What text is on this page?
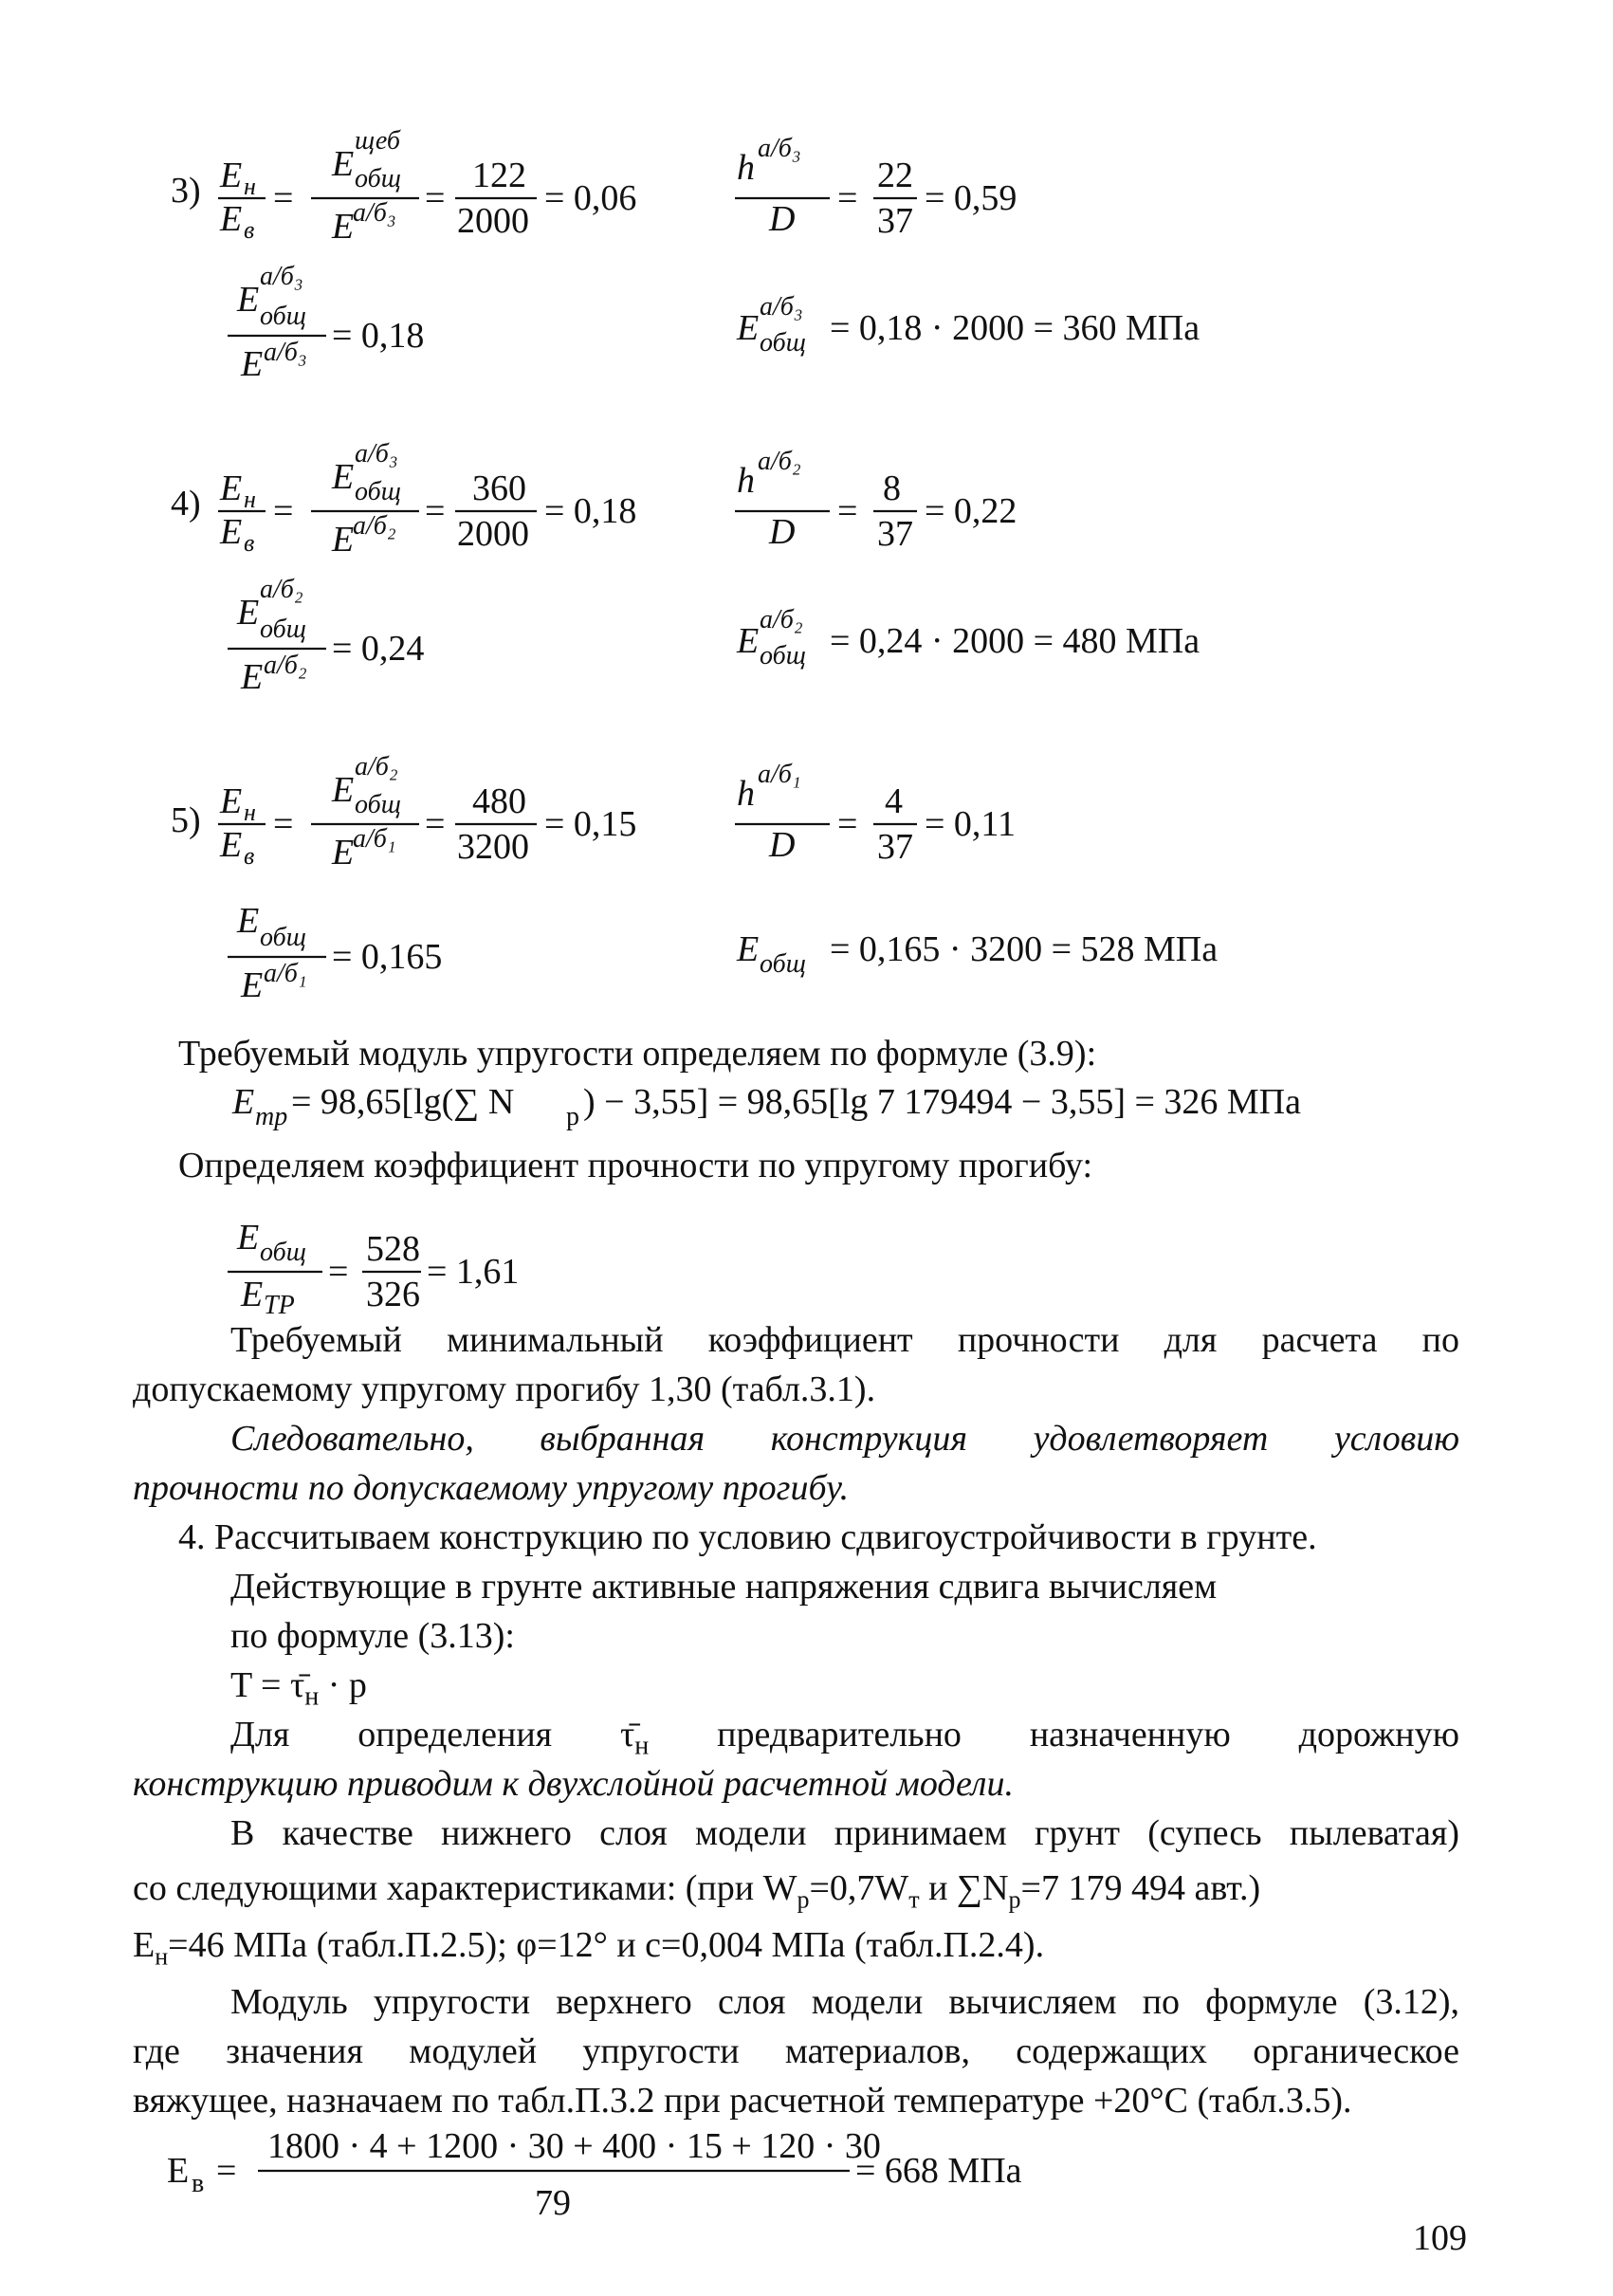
3) E н
E в
=
E
щеб
общ
E
а/б₃ =
122
2000
= 0,06
h а/б₃
D
=
22
37
= 0,59
E
а/б₃
общ
E а/б₃ = 0,18	E
а/б₃
общ = 0,18 · 2000 = 360 МПа
4) E н
E в
=
E
а/б₃
общ
E
а/б₂ =
360
2000
= 0,18
h а/б₂
D
=
8
37
= 0,22
E
а/б₂
общ
E а/б₂ = 0,24	E
а/б₂
общ = 0,24 · 2000 = 480 МПа
5) E н
E в
=
E
а/б₂
общ
E
а/б₁ =
480
3200
= 0,15
h а/б₁
D
=
4
37
= 0,11
E общ
E а/б₁ = 0,165	E общ = 0,165 · 3200 = 528 МПа
Требуемый модуль упругости определяем по формуле (3.9):
E тр = 98,65[lg(∑ N p ) − 3,55] = 98,65[lg 7 179494 − 3,55] = 326 МПа
Определяем коэффициент прочности по упругому прогибу:
E общ
E ТР
=
528
326
= 1,61
Требуемый минимальный коэффициент прочности для расчета по
допускаемому упругому прогибу 1,30 (табл.3.1).
Следовательно, выбранная конструкция удовлетворяет условию
прочности по допускаемому упругому прогибу.
4. Рассчитываем конструкцию по условию сдвигоустройчивости в грунте.
Действующие в грунте активные напряжения сдвига вычисляем
по формуле (3.13):
$T = \taū_н \cdot p$
Для определения $\taū_н$ предварительно назначенную дорожную
конструкцию приводим к двухслойной расчетной модели.
В качестве нижнего слоя модели принимаем грунт (супесь пылеватая)
со следующими характеристиками: (при $W_p=0,7W_т$ и $\sum N_p=7$ 179 494 авт.)
$E_н=46$ МПа (табл.П.2.5); φ=12° и c=0,004 МПа (табл.П.2.4).
Модуль упругости верхнего слоя модели вычисляем по формуле (3.12),
где значения модулей упругости материалов, содержащих органическое
вяжущее, назначаем по табл.П.3.2 при расчетной температуре +20°С (табл.3.5).
E в =
1800 · 4 + 1200 · 30 + 400 · 15 + 120 · 30
79
= 668 МПа
109
